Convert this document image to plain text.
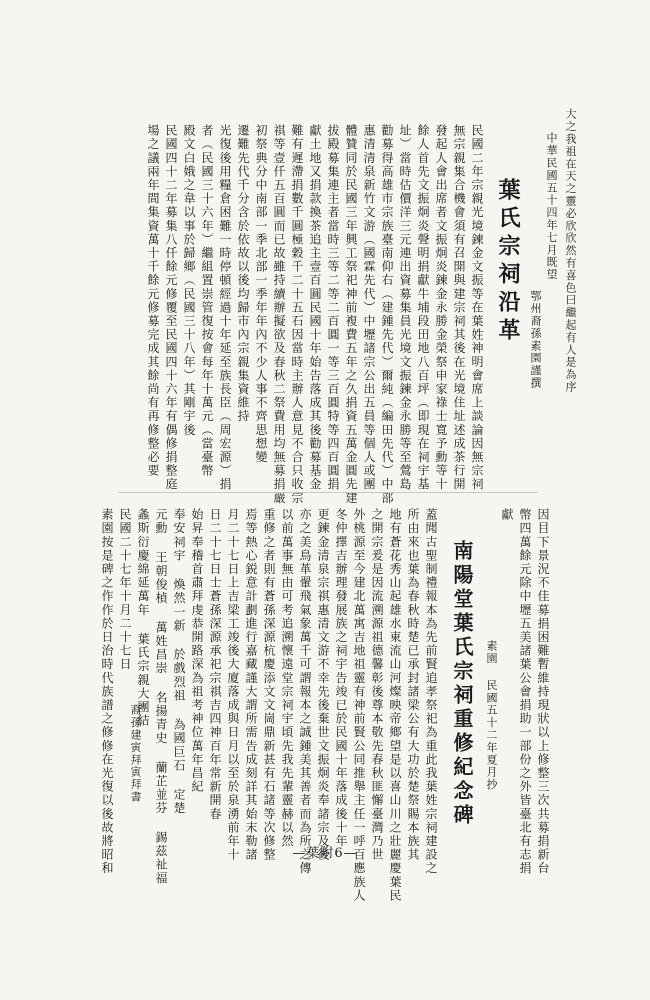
大之我祖在天之靈必欣欣然有喜色曰繼起有人是為序
中華民國五十四年七月既望
鄂州裔孫素園謹撰
葉氏宗祠沿革
民國二年宗親光境鍊金文振等在葉姓神明會席上談論因無宗祠
無宗親集合機會須有召開與建宗祠其後在光境住址述成茶行開
發起人會出席者文振炯炎鍊金永勝金榮祭申家祿士寬予勳等十
餘人首先文振炯炎聲明捐獻牛埔段田地八百坪（即現在祠宇基
址）當時估價洋三元連出資募集員光境文振鍊金永勝等至鶯島
勸募得高雄市宗族臺南仰右（建鍾先代）爾純（編田先代）中部
惠清清泉新竹文游（國霖先代）中壢諸宗公出五員等個人或團
體贊同於民國三年興工祭祀神前複費五年之久捐資五萬金圓先建
拔殿募集連主者當時三等二等二百圓一等三百圓特等四百圓捐
獻土地又捐款換茶追主壹百圓民國十年始告落成其後勸募基金
難有遲滯捐數千圓極穀千二十五石因當時主辦人意見不合只收宗
祺等壹仟五百圓而已故雖持續辦擬欲及春秋二祭費用均無募捐嚴
初祭典分中南部一季北部一季年年內不少人事不齊思想變
遷難先代千分含於依故以後均歸市內宗親集資維持
光復後用糧倉困難一時停頓經過十年延至族長臣（周宏源）捐
者（民國三十六年）繼組置崇管復按會每年十萬元（當臺幣
殿文白娥之韋以事於歸鄉（民國三十八年）其剛宇後
民國四十二年募集八仟餘元修覆至民國四十六年有偶修捐整庭
場之議兩年間集資萬十千餘元修募完成其餘尚有再修整必要
因目下景況不佳募捐困難暫維持現狀以上修整三次共募捐新台
幣四萬餘元除中壢五美諸葉公會捐助一部份之外皆臺北有志捐
獻
素園 民國五十二年夏月抄
南陽堂葉氏宗祠重修紀念碑
蓋聞古聖制禮報本為先前賢追孝祭祀為重此我葉姓宗祠建設之
所由來也葉為春秋時楚已承封諸梁公有大功於楚祭賜本族其
地有蒼花秀山起雄水東流山河燦映帝鄉望是以喜山川之壯麗慶葉民
之開宗爰是因流溯源祖德馨彰後尊本敬先春秋匪懈臺灣乃世
外桃源至今建北萬寓吉地祖靈有神前賢公同推舉主任一呼百應族人
冬仲擇吉辦理發展族之祠宇告竣已於民國十年落成後十年
更鍊金清泉宗祺惠清文游不幸先後棄世文振炯炎奉諸宗及後
亦之美鳥革翬飛氣象萬千可謂報本之誠鍾美其善者而為所之傳
以前萬事無由可考追溯懷遠堂宗祠宇頃先我先輩靈赫以然
重修之者則有蒼孫深源杭慶添文文崗鼎新甚有石諸等次修整
焉等熱心鋭意計劃進行嘉藏謹大謂所需告成刻詳其始末勒諸
月二十七日上吉梁工竣後大廈落成與日月以至於泉湧前年十
日二十七日士蒼孫深源承祀宗祺吉四神百年常新開春
始昇奉稽首肅拜虔恭開路深為祖考神位萬年昌紀
奉安祠宇 煥然一新 於戲烈祖 為國巨石 定楚
元勳 王朝俊楨 萬姓昌崇 名揚青史 蘭芷並芬 錫茲祉福
螽斯衍慶綿延萬年 葉氏宗親大團結
民國二十七年十月二十七日
素園按是碑之作作於日治時代族譜之修修在光復以後故將昭和 裔孫建寅拜寅拜書
—葉附6—
